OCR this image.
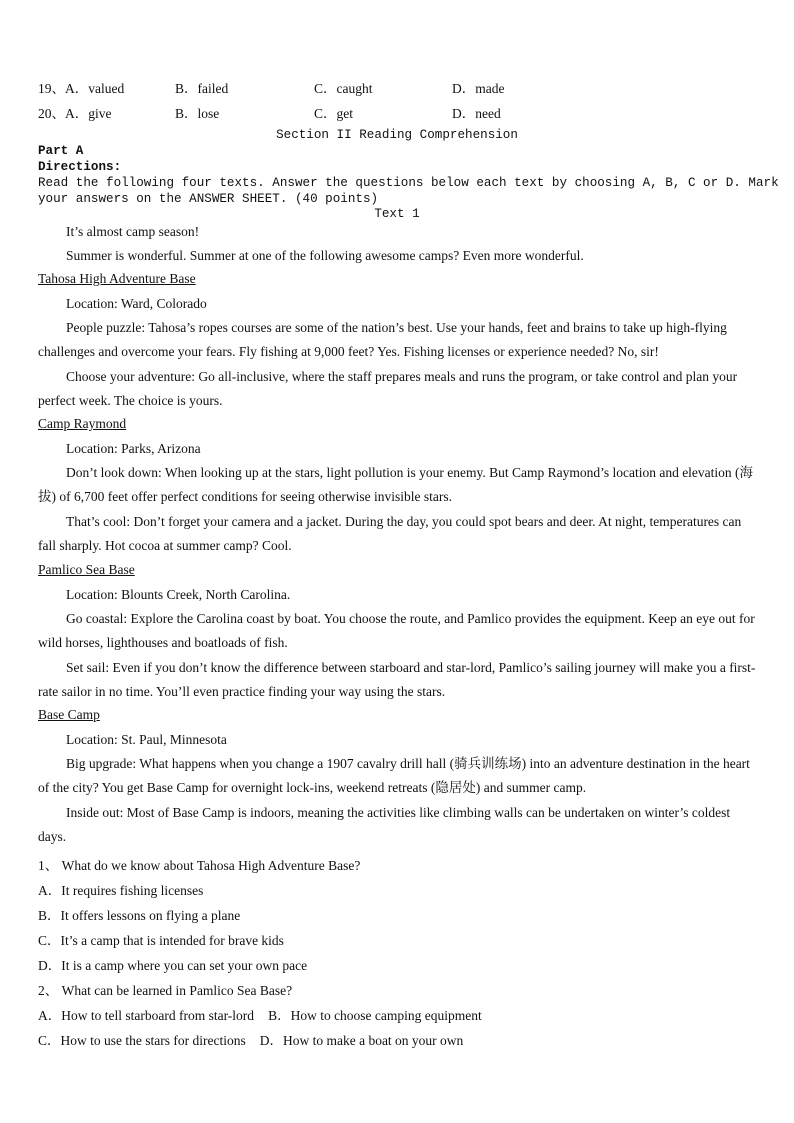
19、A．valued	B．failed	C．caught	D．made
20、A．give	B．lose	C．get	D．need
Section II Reading Comprehension
Part A
Directions:
Read the following four texts. Answer the questions below each text by choosing A, B, C or D. Mark
your answers on the ANSWER SHEET. (40 points)
Text 1

It’s almost camp season!

Summer is wonderful. Summer at one of the following awesome camps? Even more wonderful.

Tahosa High Adventure Base

Location: Ward, Colorado

People puzzle: Tahosa’s ropes courses are some of the nation’s best. Use your hands, feet and brains to take up high-flying challenges and overcome your fears. Fly fishing at 9,000 feet? Yes. Fishing licenses or experience needed? No, sir!

Choose your adventure: Go all-inclusive, where the staff prepares meals and runs the program, or take control and plan your perfect week. The choice is yours.

Camp Raymond

Location: Parks, Arizona

Don’t look down: When looking up at the stars, light pollution is your enemy. But Camp Raymond’s location and elevation (海拔) of 6,700 feet offer perfect conditions for seeing otherwise invisible stars.

That’s cool: Don’t forget your camera and a jacket. During the day, you could spot bears and deer. At night, temperatures can fall sharply. Hot cocoa at summer camp? Cool.

Pamlico Sea Base

Location: Blounts Creek, North Carolina.

Go coastal: Explore the Carolina coast by boat. You choose the route, and Pamlico provides the equipment. Keep an eye out for wild horses, lighthouses and boatloads of fish.

Set sail: Even if you don’t know the difference between starboard and star-lord, Pamlico’s sailing journey will make you a first-rate sailor in no time. You’ll even practice finding your way using the stars.

Base Camp

Location: St. Paul, Minnesota

Big upgrade: What happens when you change a 1907 cavalry drill hall (骑兵训练场) into an adventure destination in the heart of the city? You get Base Camp for overnight lock-ins, weekend retreats (隐居处) and summer camp.

Inside out: Most of Base Camp is indoors, meaning the activities like climbing walls can be undertaken on winter’s coldest days.

1、 What do we know about Tahosa High Adventure Base?
A．It requires fishing licenses
B．It offers lessons on flying a plane
C．It’s a camp that is intended for brave kids
D．It is a camp where you can set your own pace
2、 What can be learned in Pamlico Sea Base?
A．How to tell starboard from star-lord B．How to choose camping equipment
C．How to use the stars for directions D．How to make a boat on your own
